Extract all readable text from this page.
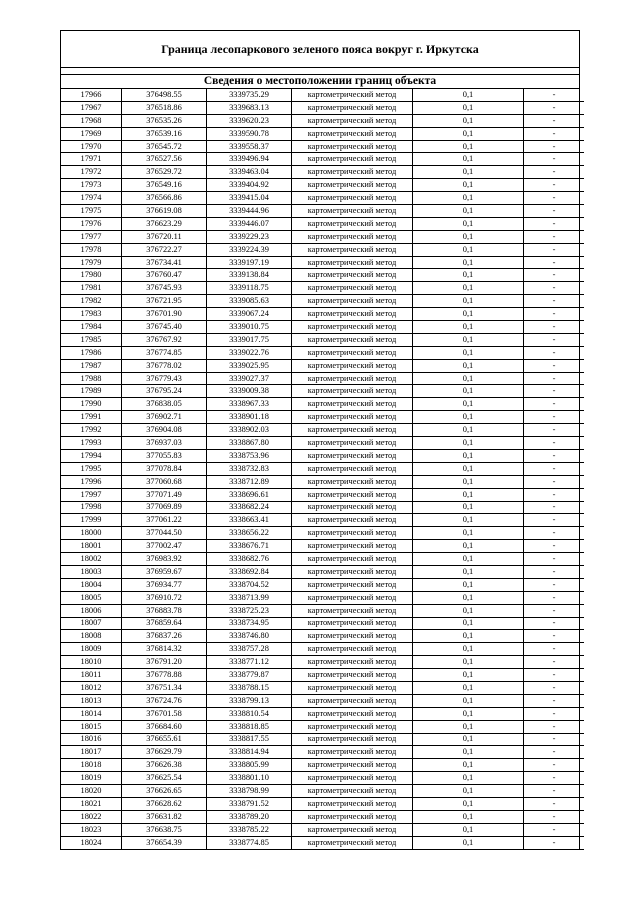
Граница лесопаркового зеленого пояса вокруг г. Иркутска
Сведения о местоположении границ объекта
17966	376498.55	3339735.29	картометрический метод	0,1	-
17967	376518.86	3339683.13	картометрический метод	0,1	-
17968	376535.26	3339620.23	картометрический метод	0,1	-
17969	376539.16	3339590.78	картометрический метод	0,1	-
17970	376545.72	3339558.37	картометрический метод	0,1	-
17971	376527.56	3339496.94	картометрический метод	0,1	-
17972	376529.72	3339463.04	картометрический метод	0,1	-
17973	376549.16	3339404.92	картометрический метод	0,1	-
17974	376566.86	3339415.04	картометрический метод	0,1	-
17975	376619.08	3339444.96	картометрический метод	0,1	-
17976	376623.29	3339446.07	картометрический метод	0,1	-
17977	376720.11	3339229.23	картометрический метод	0,1	-
17978	376722.27	3339224.39	картометрический метод	0,1	-
17979	376734.41	3339197.19	картометрический метод	0,1	-
17980	376760.47	3339138.84	картометрический метод	0,1	-
17981	376745.93	3339118.75	картометрический метод	0,1	-
17982	376721.95	3339085.63	картометрический метод	0,1	-
17983	376701.90	3339067.24	картометрический метод	0,1	-
17984	376745.40	3339010.75	картометрический метод	0,1	-
17985	376767.92	3339017.75	картометрический метод	0,1	-
17986	376774.85	3339022.76	картометрический метод	0,1	-
17987	376778.02	3339025.95	картометрический метод	0,1	-
17988	376779.43	3339027.37	картометрический метод	0,1	-
17989	376795.24	3339009.38	картометрический метод	0,1	-
17990	376838.05	3338967.33	картометрический метод	0,1	-
17991	376902.71	3338901.18	картометрический метод	0,1	-
17992	376904.08	3338902.03	картометрический метод	0,1	-
17993	376937.03	3338867.80	картометрический метод	0,1	-
17994	377055.83	3338753.96	картометрический метод	0,1	-
17995	377078.84	3338732.83	картометрический метод	0,1	-
17996	377060.68	3338712.89	картометрический метод	0,1	-
17997	377071.49	3338696.61	картометрический метод	0,1	-
17998	377069.89	3338682.24	картометрический метод	0,1	-
17999	377061.22	3338663.41	картометрический метод	0,1	-
18000	377044.50	3338656.22	картометрический метод	0,1	-
18001	377002.47	3338676.71	картометрический метод	0,1	-
18002	376983.92	3338682.76	картометрический метод	0,1	-
18003	376959.67	3338692.84	картометрический метод	0,1	-
18004	376934.77	3338704.52	картометрический метод	0,1	-
18005	376910.72	3338713.99	картометрический метод	0,1	-
18006	376883.78	3338725.23	картометрический метод	0,1	-
18007	376859.64	3338734.95	картометрический метод	0,1	-
18008	376837.26	3338746.80	картометрический метод	0,1	-
18009	376814.32	3338757.28	картометрический метод	0,1	-
18010	376791.20	3338771.12	картометрический метод	0,1	-
18011	376778.88	3338779.87	картометрический метод	0,1	-
18012	376751.34	3338788.15	картометрический метод	0,1	-
18013	376724.76	3338799.13	картометрический метод	0,1	-
18014	376701.58	3338810.54	картометрический метод	0,1	-
18015	376684.60	3338818.85	картометрический метод	0,1	-
18016	376655.61	3338817.55	картометрический метод	0,1	-
18017	376629.79	3338814.94	картометрический метод	0,1	-
18018	376626.38	3338805.99	картометрический метод	0,1	-
18019	376625.54	3338801.10	картометрический метод	0,1	-
18020	376626.65	3338798.99	картометрический метод	0,1	-
18021	376628.62	3338791.52	картометрический метод	0,1	-
18022	376631.82	3338789.20	картометрический метод	0,1	-
18023	376638.75	3338785.22	картометрический метод	0,1	-
18024	376654.39	3338774.85	картометрический метод	0,1	-
